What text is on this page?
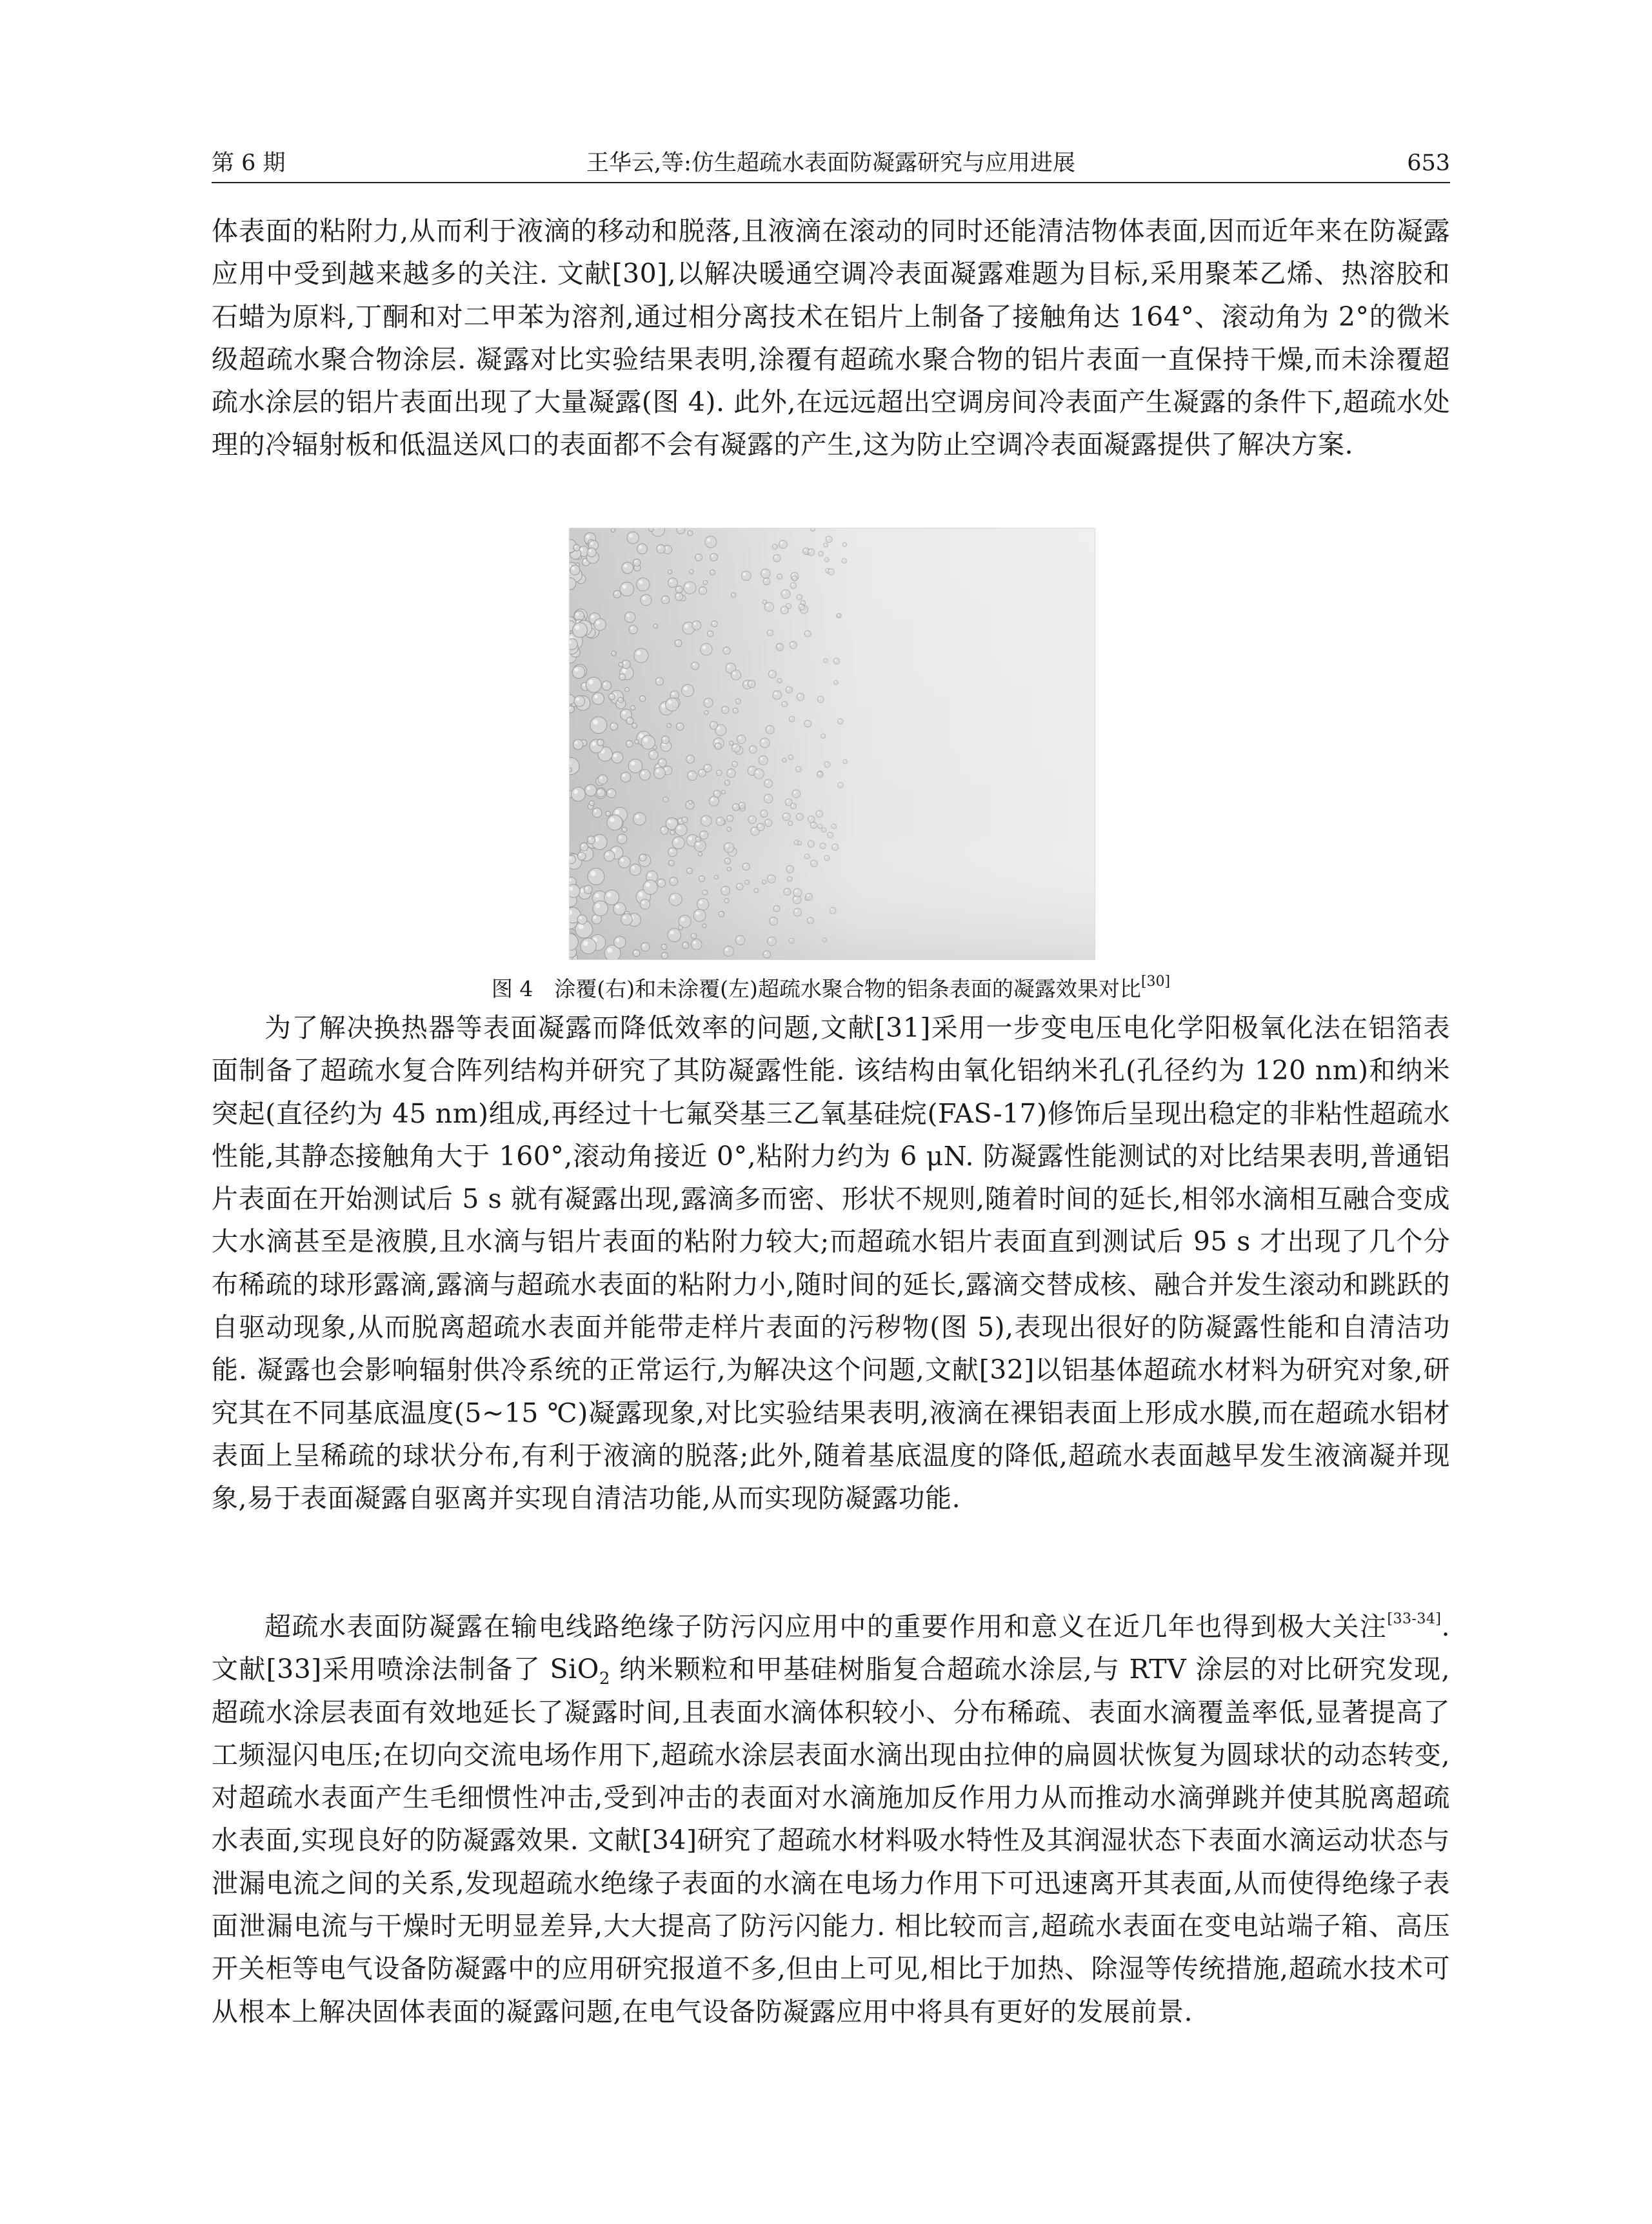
第 6 期	王华云,等:仿生超疏水表面防凝露研究与应用进展	653

体表面的粘附力,从而利于液滴的移动和脱落,且液滴在滚动的同时还能清洁物体表面,因而近年来在防凝露应用中受到越来越多的关注. 文献[30],以解决暖通空调冷表面凝露难题为目标,采用聚苯乙烯、热溶胶和石蜡为原料,丁酮和对二甲苯为溶剂,通过相分离技术在铝片上制备了接触角达 164°、滚动角为 2°的微米级超疏水聚合物涂层. 凝露对比实验结果表明,涂覆有超疏水聚合物的铝片表面一直保持干燥,而未涂覆超疏水涂层的铝片表面出现了大量凝露(图 4). 此外,在远远超出空调房间冷表面产生凝露的条件下,超疏水处理的冷辐射板和低温送风口的表面都不会有凝露的产生,这为防止空调冷表面凝露提供了解决方案.

图 4　涂覆(右)和未涂覆(左)超疏水聚合物的铝条表面的凝露效果对比[30]

为了解决换热器等表面凝露而降低效率的问题,文献[31]采用一步变电压电化学阳极氧化法在铝箔表面制备了超疏水复合阵列结构并研究了其防凝露性能. 该结构由氧化铝纳米孔(孔径约为 120 nm)和纳米突起(直径约为 45 nm)组成,再经过十七氟癸基三乙氧基硅烷(FAS-17)修饰后呈现出稳定的非粘性超疏水性能,其静态接触角大于 160°,滚动角接近 0°,粘附力约为 6 μN. 防凝露性能测试的对比结果表明,普通铝片表面在开始测试后 5 s 就有凝露出现,露滴多而密、形状不规则,随着时间的延长,相邻水滴相互融合变成大水滴甚至是液膜,且水滴与铝片表面的粘附力较大;而超疏水铝片表面直到测试后 95 s 才出现了几个分布稀疏的球形露滴,露滴与超疏水表面的粘附力小,随时间的延长,露滴交替成核、融合并发生滚动和跳跃的自驱动现象,从而脱离超疏水表面并能带走样片表面的污秽物(图 5),表现出很好的防凝露性能和自清洁功能. 凝露也会影响辐射供冷系统的正常运行,为解决这个问题,文献[32]以铝基体超疏水材料为研究对象,研究其在不同基底温度(5~15 ℃)凝露现象,对比实验结果表明,液滴在裸铝表面上形成水膜,而在超疏水铝材表面上呈稀疏的球状分布,有利于液滴的脱落;此外,随着基底温度的降低,超疏水表面越早发生液滴凝并现象,易于表面凝露自驱离并实现自清洁功能,从而实现防凝露功能.

超疏水表面防凝露在输电线路绝缘子防污闪应用中的重要作用和意义在近几年也得到极大关注[33-34]. 文献[33]采用喷涂法制备了 SiO$_2$ 纳米颗粒和甲基硅树脂复合超疏水涂层,与 RTV 涂层的对比研究发现,超疏水涂层表面有效地延长了凝露时间,且表面水滴体积较小、分布稀疏、表面水滴覆盖率低,显著提高了工频湿闪电压;在切向交流电场作用下,超疏水涂层表面水滴出现由拉伸的扁圆状恢复为圆球状的动态转变,对超疏水表面产生毛细惯性冲击,受到冲击的表面对水滴施加反作用力从而推动水滴弹跳并使其脱离超疏水表面,实现良好的防凝露效果. 文献[34]研究了超疏水材料吸水特性及其润湿状态下表面水滴运动状态与泄漏电流之间的关系,发现超疏水绝缘子表面的水滴在电场力作用下可迅速离开其表面,从而使得绝缘子表面泄漏电流与干燥时无明显差异,大大提高了防污闪能力. 相比较而言,超疏水表面在变电站端子箱、高压开关柜等电气设备防凝露中的应用研究报道不多,但由上可见,相比于加热、除湿等传统措施,超疏水技术可从根本上解决固体表面的凝露问题,在电气设备防凝露应用中将具有更好的发展前景.
